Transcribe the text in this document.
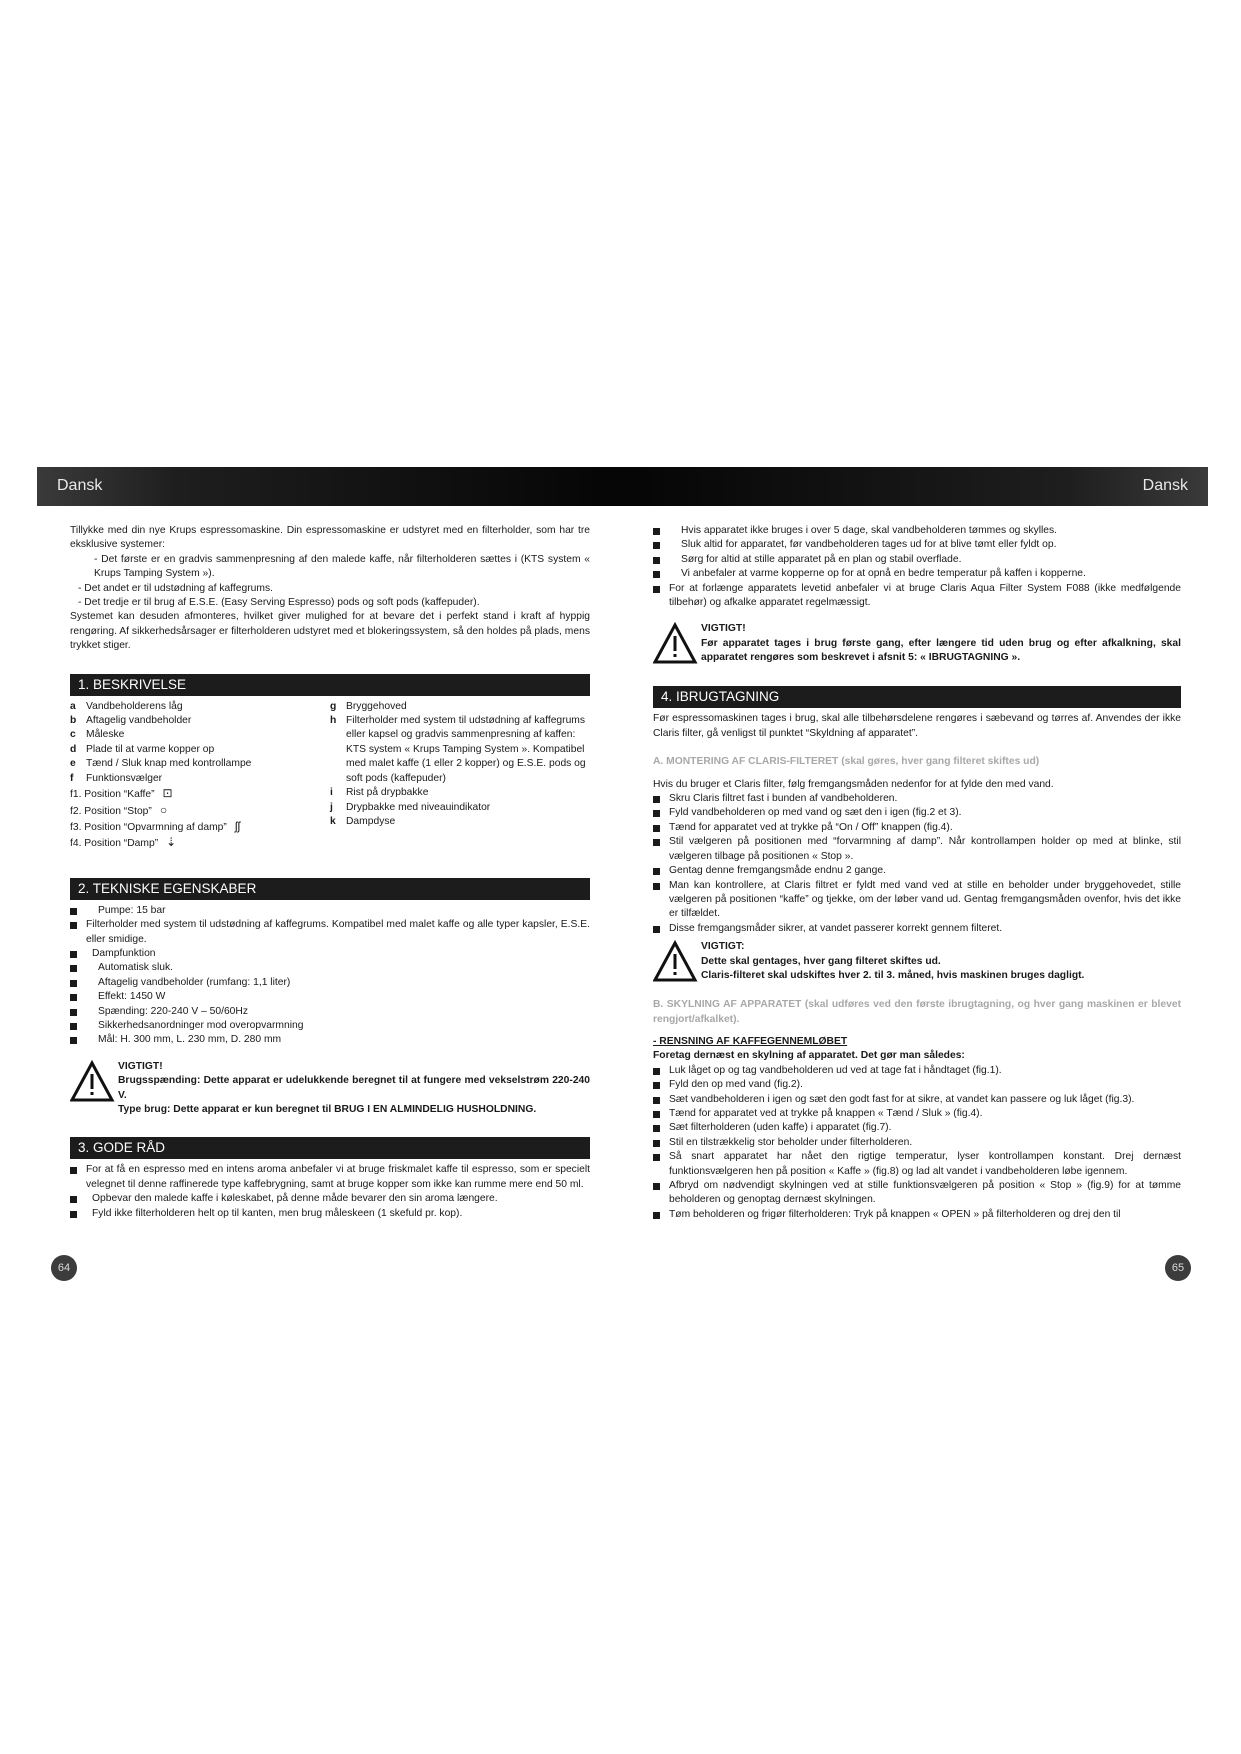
Dansk	Dansk

Tillykke med din nye Krups espressomaskine. Din espressomaskine er udstyret med en filterholder, som har tre eksklusive systemer:

- Det første er en gradvis sammenpresning af den malede kaffe, når filterholderen sættes i (KTS system « Krups Tamping System »).

- Det andet er til udstødning af kaffegrums.

- Det tredje er til brug af E.S.E. (Easy Serving Espresso) pods og soft pods (kaffepuder).

Systemet kan desuden afmonteres, hvilket giver mulighed for at bevare det i perfekt stand i kraft af hyppig rengøring. Af sikkerhedsårsager er filterholderen udstyret med et blokeringssystem, så den holdes på plads, mens trykket stiger.

1. BESKRIVELSE

a Vandbeholderens låg

b Aftagelig vandbeholder

c Måleske

d Plade til at varme kopper op

e Tænd / Sluk knap med kontrollampe

f Funktionsvælger

f1. Position “Kaffe” ⊡

f2. Position “Stop” ○

f3. Position “Opvarmning af damp” ʃʃ

f4. Position “Damp” ⇣

g Bryggehoved

h Filterholder med system til udstødning af kaffegrums eller kapsel og gradvis sammenpresning af kaffen: KTS system « Krups Tamping System ». Kompatibel med malet kaffe (1 eller 2 kopper) og E.S.E. pods og soft pods (kaffepuder)

i Rist på drypbakke

j Drypbakke med niveauindikator

k Dampdyse

2. TEKNISKE EGENSKABER

Pumpe: 15 bar

Filterholder med system til udstødning af kaffegrums. Kompatibel med malet kaffe og alle typer kapsler, E.S.E. eller smidige.

Dampfunktion

Automatisk sluk.

Aftagelig vandbeholder (rumfang: 1,1 liter)

Effekt: 1450 W

Spænding: 220-240 V – 50/60Hz

Sikkerhedsanordninger mod overopvarmning

Mål: H. 300 mm, L. 230 mm, D. 280 mm

VIGTIGT!
Brugsspænding: Dette apparat er udelukkende beregnet til at fungere med vekselstrøm 220-240 V.
Type brug: Dette apparat er kun beregnet til BRUG I EN ALMINDELIG HUSHOLDNING.
3. GODE RÅD

For at få en espresso med en intens aroma anbefaler vi at bruge friskmalet kaffe til espresso, som er specielt velegnet til denne raffinerede type kaffebrygning, samt at bruge kopper som ikke kan rumme mere end 50 ml.

Opbevar den malede kaffe i køleskabet, på denne måde bevarer den sin aroma længere.

Fyld ikke filterholderen helt op til kanten, men brug måleskeen (1 skefuld pr. kop).

64

Hvis apparatet ikke bruges i over 5 dage, skal vandbeholderen tømmes og skylles.

Sluk altid for apparatet, før vandbeholderen tages ud for at blive tømt eller fyldt op.

Sørg for altid at stille apparatet på en plan og stabil overflade.

Vi anbefaler at varme kopperne op for at opnå en bedre temperatur på kaffen i kopperne.

For at forlænge apparatets levetid anbefaler vi at bruge Claris Aqua Filter System F088 (ikke medfølgende tilbehør) og afkalke apparatet regelmæssigt.

VIGTIGT!
Før apparatet tages i brug første gang, efter længere tid uden brug og efter afkalkning, skal apparatet rengøres som beskrevet i afsnit 5: « IBRUGTAGNING ».
4. IBRUGTAGNING

Før espressomaskinen tages i brug, skal alle tilbehørsdelene rengøres i sæbevand og tørres af. Anvendes der ikke Claris filter, gå venligst til punktet “Skyldning af apparatet”.

A. MONTERING AF CLARIS-FILTERET (skal gøres, hver gang filteret skiftes ud)

Hvis du bruger et Claris filter, følg fremgangsmåden nedenfor for at fylde den med vand.

Skru Claris filtret fast i bunden af vandbeholderen.

Fyld vandbeholderen op med vand og sæt den i igen (fig.2 et 3).

Tænd for apparatet ved at trykke på “On / Off” knappen (fig.4).

Stil vælgeren på positionen med “forvarmning af damp”. Når kontrollampen holder op med at blinke, stil vælgeren tilbage på positionen « Stop ».

Gentag denne fremgangsmåde endnu 2 gange.

Man kan kontrollere, at Claris filtret er fyldt med vand ved at stille en beholder under bryggehovedet, stille vælgeren på positionen “kaffe” og tjekke, om der løber vand ud. Gentag fremgangsmåden ovenfor, hvis det ikke er tilfældet.

Disse fremgangsmåder sikrer, at vandet passerer korrekt gennem filteret.

VIGTIGT:
Dette skal gentages, hver gang filteret skiftes ud.
Claris-filteret skal udskiftes hver 2. til 3. måned, hvis maskinen bruges dagligt.
B. SKYLNING AF APPARATET (skal udføres ved den første ibrugtagning, og hver gang maskinen er blevet rengjort/afkalket).
- RENSNING AF KAFFEGENNEMLØBET
Foretag dernæst en skylning af apparatet. Det gør man således:

Luk låget op og tag vandbeholderen ud ved at tage fat i håndtaget (fig.1).

Fyld den op med vand (fig.2).

Sæt vandbeholderen i igen og sæt den godt fast for at sikre, at vandet kan passere og luk låget (fig.3).

Tænd for apparatet ved at trykke på knappen « Tænd / Sluk » (fig.4).

Sæt filterholderen (uden kaffe) i apparatet (fig.7).

Stil en tilstrækkelig stor beholder under filterholderen.

Så snart apparatet har nået den rigtige temperatur, lyser kontrollampen konstant. Drej dernæst funktionsvælgeren hen på position « Kaffe » (fig.8) og lad alt vandet i vandbeholderen løbe igennem.

Afbryd om nødvendigt skylningen ved at stille funktionsvælgeren på position « Stop » (fig.9) for at tømme beholderen og genoptag dernæst skylningen.

Tøm beholderen og frigør filterholderen: Tryk på knappen « OPEN » på filterholderen og drej den til

65
